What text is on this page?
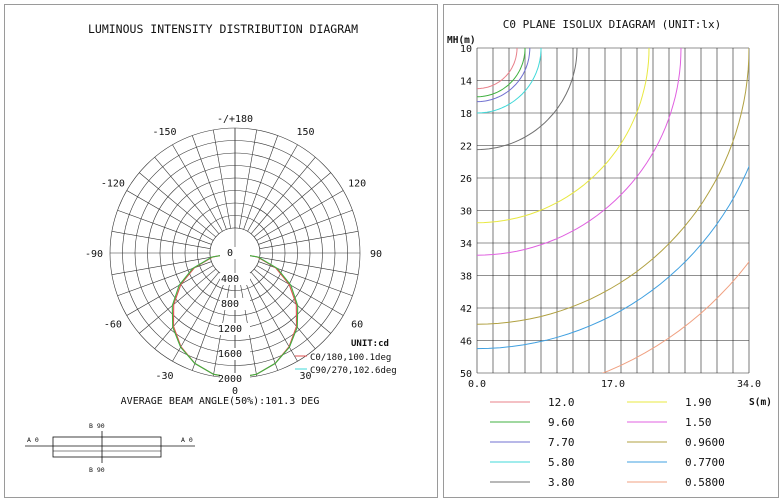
LUMINOUS INTENSITY DISTRIBUTION DIAGRAM
-/+180
150
120
90
60
30
0
-30
-60
-90
-120
-150
0
400
800
1200
1600
2000
UNIT:cd
C0/180,100.1deg
C90/270,102.6deg
AVERAGE BEAM ANGLE(50%):101.3 DEG
B 90
B 90
A 0	A 0
C0 PLANE ISOLUX DIAGRAM (UNIT:lx)
MH(m)
S(m)
10
14
18
22
26
30
34
38
42
46
50
0.0	17.0	34.0
12.0
9.60
7.70
5.80
3.80
1.90
1.50
0.9600
0.7700
0.5800
